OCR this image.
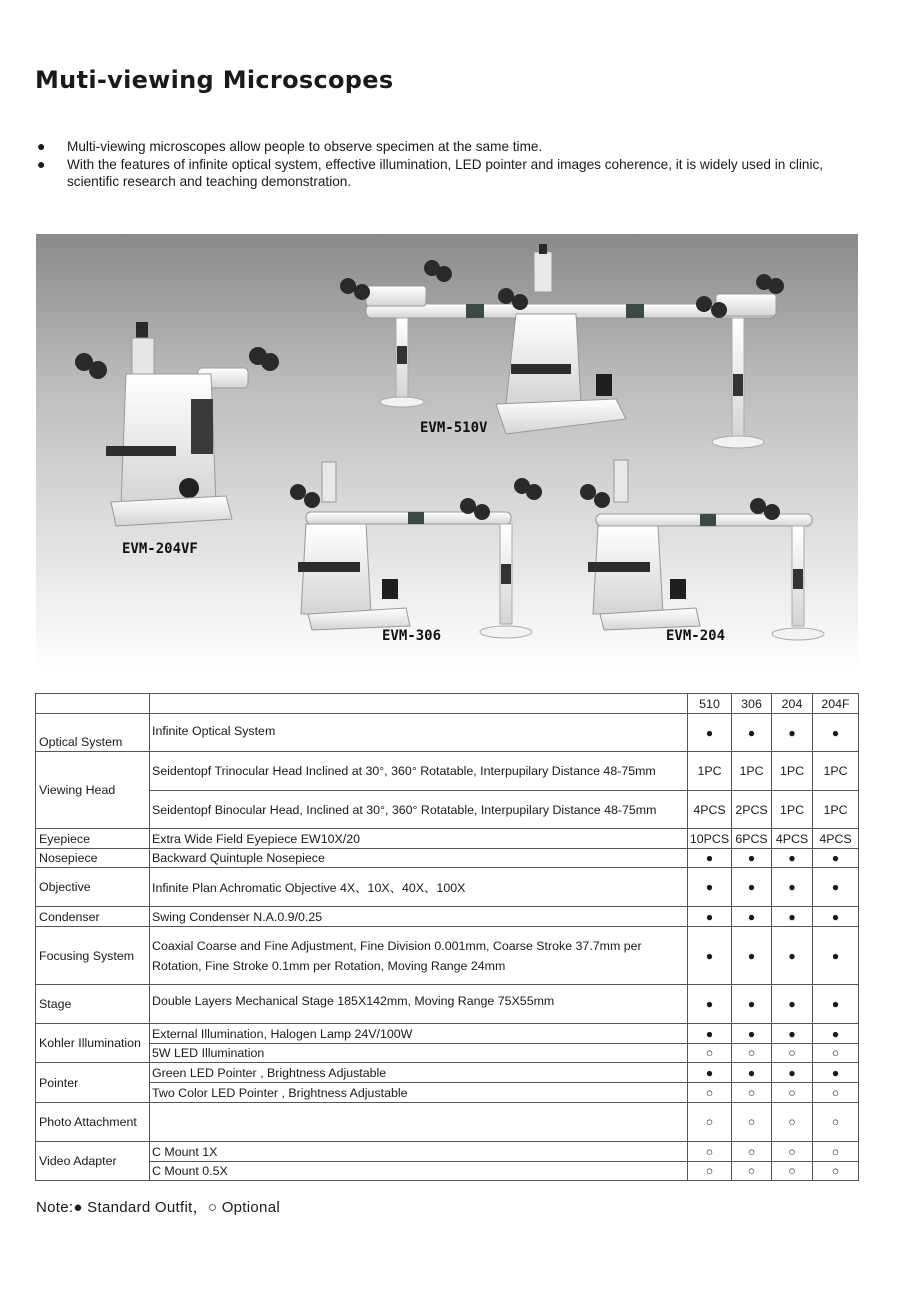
Muti-viewing Microscopes
● Multi-viewing microscopes allow people to observe specimen at the same time.
● With the features of infinite optical system, effective illumination, LED pointer and images coherence, it is widely used in clinic, scientific research and teaching demonstration.
EVM-510V
EVM-204VF
EVM-306	EVM-204
		510	306	204	204F
Optical System	Infinite Optical System	●	●	●	●
Viewing Head	Seidentopf Trinocular Head Inclined at 30°, 360° Rotatable, Interpupilary Distance 48-75mm	1PC	1PC	1PC	1PC
	Seidentopf Binocular Head, Inclined at 30°, 360° Rotatable, Interpupilary Distance 48-75mm	4PCS	2PCS	1PC	1PC
Eyepiece	Extra Wide Field Eyepiece EW10X/20	10PCS	6PCS	4PCS	4PCS
Nosepiece	Backward Quintuple Nosepiece	●	●	●	●
Objective	Infinite Plan Achromatic Objective 4X、10X、40X、100X	●	●	●	●
Condenser	Swing Condenser N.A.0.9/0.25	●	●	●	●
Focusing System	Coaxial Coarse and Fine Adjustment, Fine Division 0.001mm, Coarse Stroke 37.7mm per Rotation, Fine Stroke 0.1mm per Rotation, Moving Range 24mm	●	●	●	●
Stage	Double Layers Mechanical Stage 185X142mm, Moving Range 75X55mm	●	●	●	●
Kohler Illumination	External Illumination, Halogen Lamp 24V/100W	●	●	●	●
	5W LED Illumination	○	○	○	○
Pointer	Green LED Pointer , Brightness Adjustable	●	●	●	●
	Two Color LED Pointer , Brightness Adjustable	○	○	○	○
Photo Attachment		○	○	○	○
Video Adapter	C Mount 1X	○	○	○	○
	C Mount 0.5X	○	○	○	○
Note:● Standard Outfit，○ Optional
